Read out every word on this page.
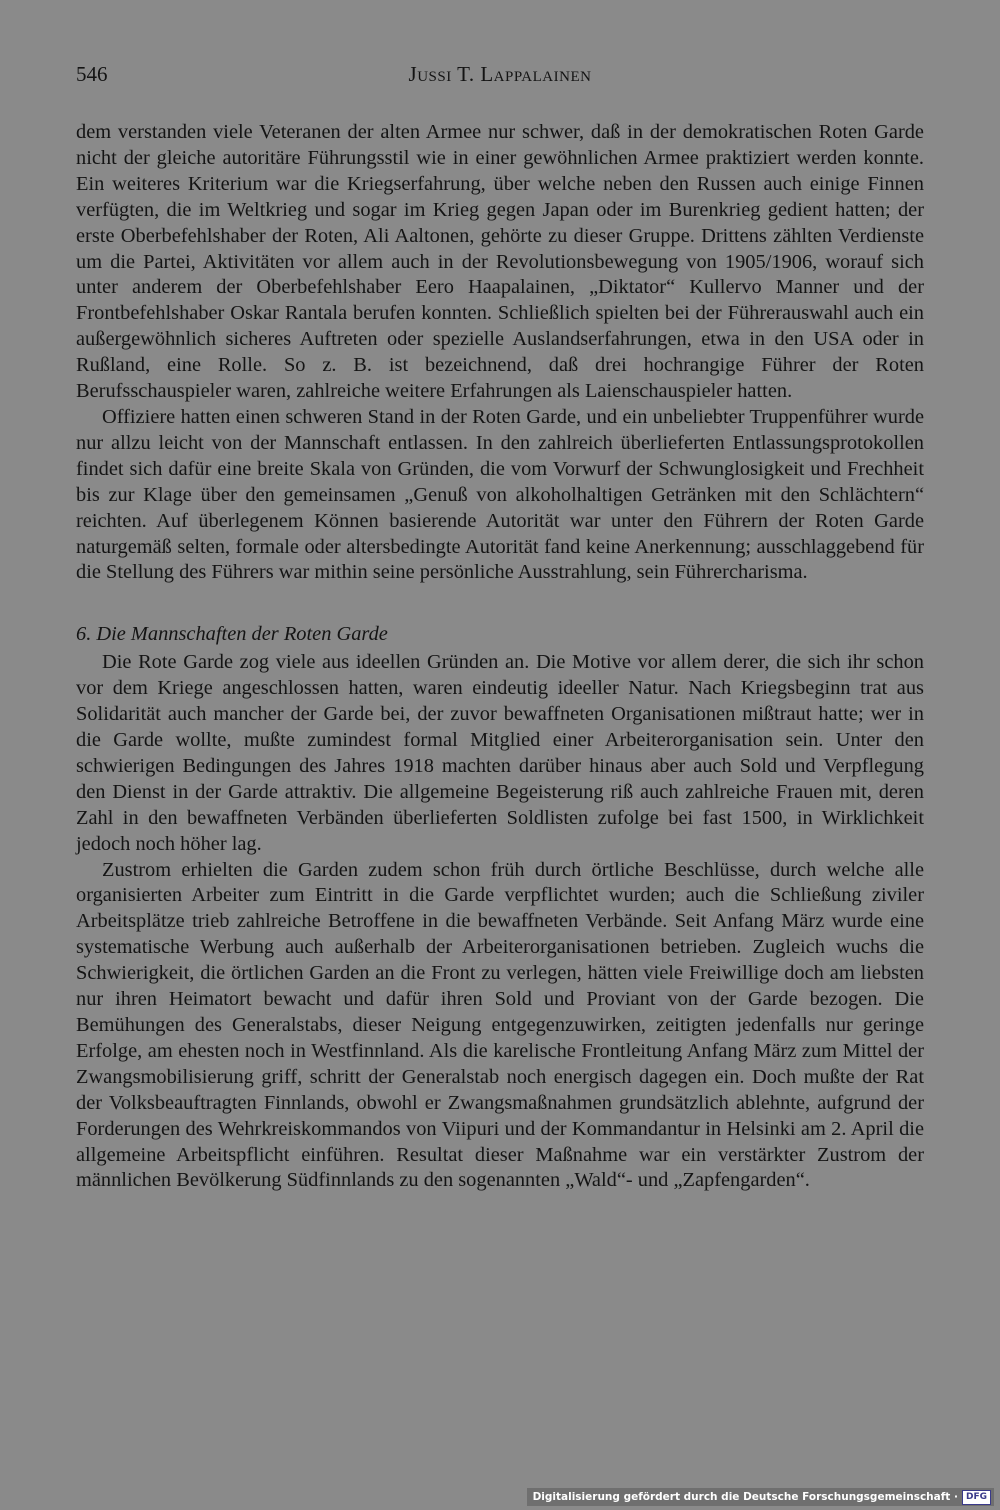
546	Jussi T. Lappalainen

dem verstanden viele Veteranen der alten Armee nur schwer, daß in der demokratischen Roten Garde nicht der gleiche autoritäre Führungsstil wie in einer gewöhnlichen Armee praktiziert werden konnte. Ein weiteres Kriterium war die Kriegserfahrung, über welche neben den Russen auch einige Finnen verfügten, die im Weltkrieg und sogar im Krieg gegen Japan oder im Burenkrieg gedient hatten; der erste Oberbefehlshaber der Roten, Ali Aaltonen, gehörte zu dieser Gruppe. Drittens zählten Verdienste um die Partei, Aktivitäten vor allem auch in der Revolutionsbewegung von 1905/1906, worauf sich unter anderem der Oberbefehlshaber Eero Haapalainen, „Diktator“ Kullervo Manner und der Frontbefehlshaber Oskar Rantala berufen konnten. Schließlich spielten bei der Führerauswahl auch ein außergewöhnlich sicheres Auftreten oder spezielle Auslandserfahrungen, etwa in den USA oder in Rußland, eine Rolle. So z. B. ist bezeichnend, daß drei hochrangige Führer der Roten Berufsschauspieler waren, zahlreiche weitere Erfahrungen als Laienschauspieler hatten.

Offiziere hatten einen schweren Stand in der Roten Garde, und ein unbeliebter Truppenführer wurde nur allzu leicht von der Mannschaft entlassen. In den zahlreich überlieferten Entlassungsprotokollen findet sich dafür eine breite Skala von Gründen, die vom Vorwurf der Schwunglosigkeit und Frechheit bis zur Klage über den gemeinsamen „Genuß von alkoholhaltigen Getränken mit den Schlächtern“ reichten. Auf überlegenem Können basierende Autorität war unter den Führern der Roten Garde naturgemäß selten, formale oder altersbedingte Autorität fand keine Anerkennung; ausschlaggebend für die Stellung des Führers war mithin seine persönliche Ausstrahlung, sein Führercharisma.

6. Die Mannschaften der Roten Garde

Die Rote Garde zog viele aus ideellen Gründen an. Die Motive vor allem derer, die sich ihr schon vor dem Kriege angeschlossen hatten, waren eindeutig ideeller Natur. Nach Kriegsbeginn trat aus Solidarität auch mancher der Garde bei, der zuvor bewaffneten Organisationen mißtraut hatte; wer in die Garde wollte, mußte zumindest formal Mitglied einer Arbeiterorganisation sein. Unter den schwierigen Bedingungen des Jahres 1918 machten darüber hinaus aber auch Sold und Verpflegung den Dienst in der Garde attraktiv. Die allgemeine Begeisterung riß auch zahlreiche Frauen mit, deren Zahl in den bewaffneten Verbänden überlieferten Soldlisten zufolge bei fast 1500, in Wirklichkeit jedoch noch höher lag.

Zustrom erhielten die Garden zudem schon früh durch örtliche Beschlüsse, durch welche alle organisierten Arbeiter zum Eintritt in die Garde verpflichtet wurden; auch die Schließung ziviler Arbeitsplätze trieb zahlreiche Betroffene in die bewaffneten Verbände. Seit Anfang März wurde eine systematische Werbung auch außerhalb der Arbeiterorganisationen betrieben. Zugleich wuchs die Schwierigkeit, die örtlichen Garden an die Front zu verlegen, hätten viele Freiwillige doch am liebsten nur ihren Heimatort bewacht und dafür ihren Sold und Proviant von der Garde bezogen. Die Bemühungen des Generalstabs, dieser Neigung entgegenzuwirken, zeitigten jedenfalls nur geringe Erfolge, am ehesten noch in Westfinnland. Als die karelische Frontleitung Anfang März zum Mittel der Zwangsmobilisierung griff, schritt der Generalstab noch energisch dagegen ein. Doch mußte der Rat der Volksbeauftragten Finnlands, obwohl er Zwangsmaßnahmen grundsätzlich ablehnte, aufgrund der Forderungen des Wehrkreiskommandos von Viipuri und der Kommandantur in Helsinki am 2. April die allgemeine Arbeitspflicht einführen. Resultat dieser Maßnahme war ein verstärkter Zustrom der männlichen Bevölkerung Südfinnlands zu den sogenannten „Wald“- und „Zapfengarden“.

Digitalisierung gefördert durch die Deutsche Forschungsgemeinschaft · DFG
